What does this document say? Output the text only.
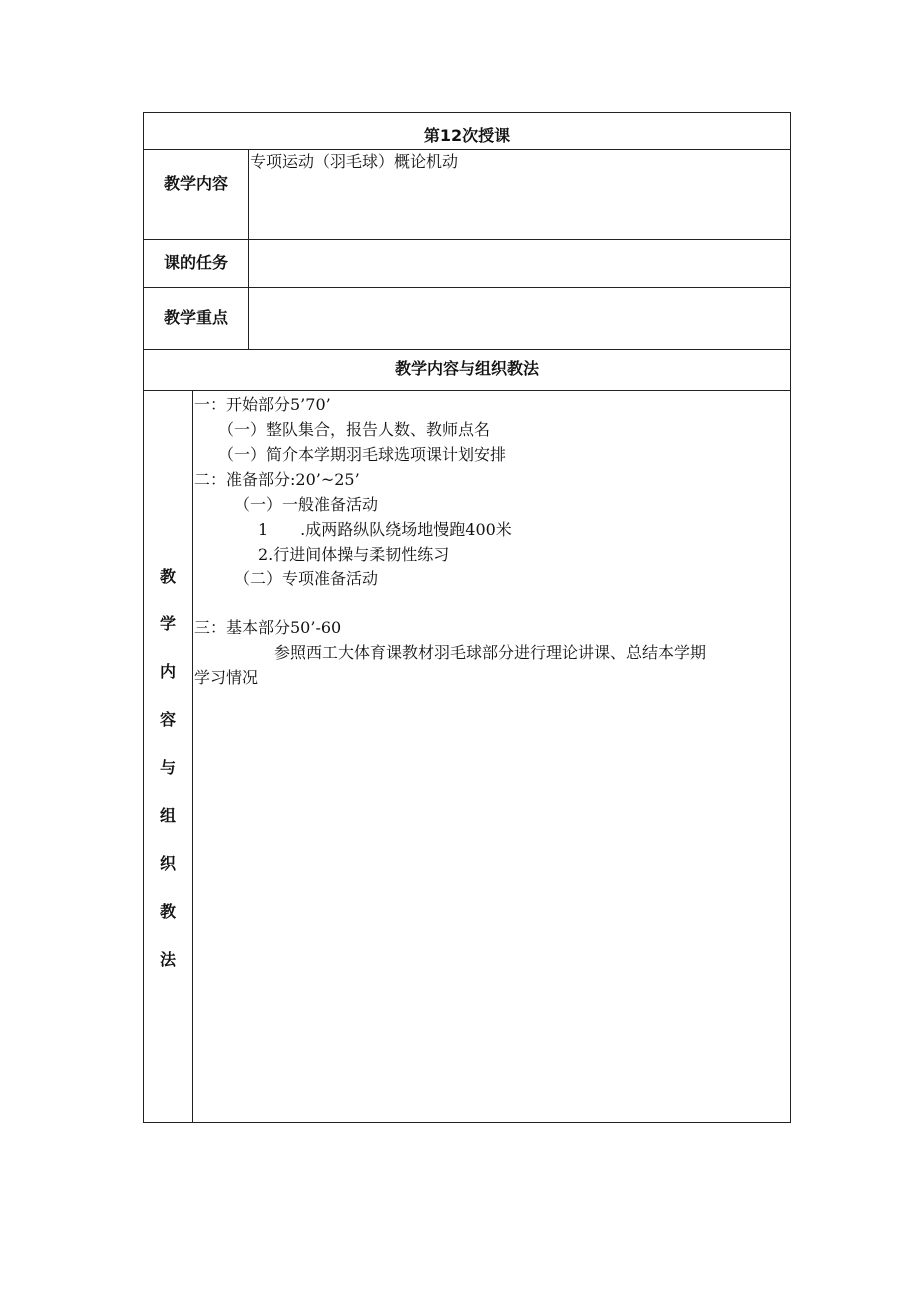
第12次授课
教学内容
专项运动（羽毛球）概论机动
课的任务
教学重点
教学内容与组织教法
教
学
内
容
与
组
织
教
法
一：开始部分5’70’
（一）整队集合，报告人数、教师点名
（一）简介本学期羽毛球选项课计划安排
二：准备部分:20’~25’
（一）一般准备活动
1　　.成两路纵队绕场地慢跑400米
2.行进间体操与柔韧性练习
（二）专项准备活动
三：基本部分50’-60
参照西工大体育课教材羽毛球部分进行理论讲课、总结本学期
学习情况
